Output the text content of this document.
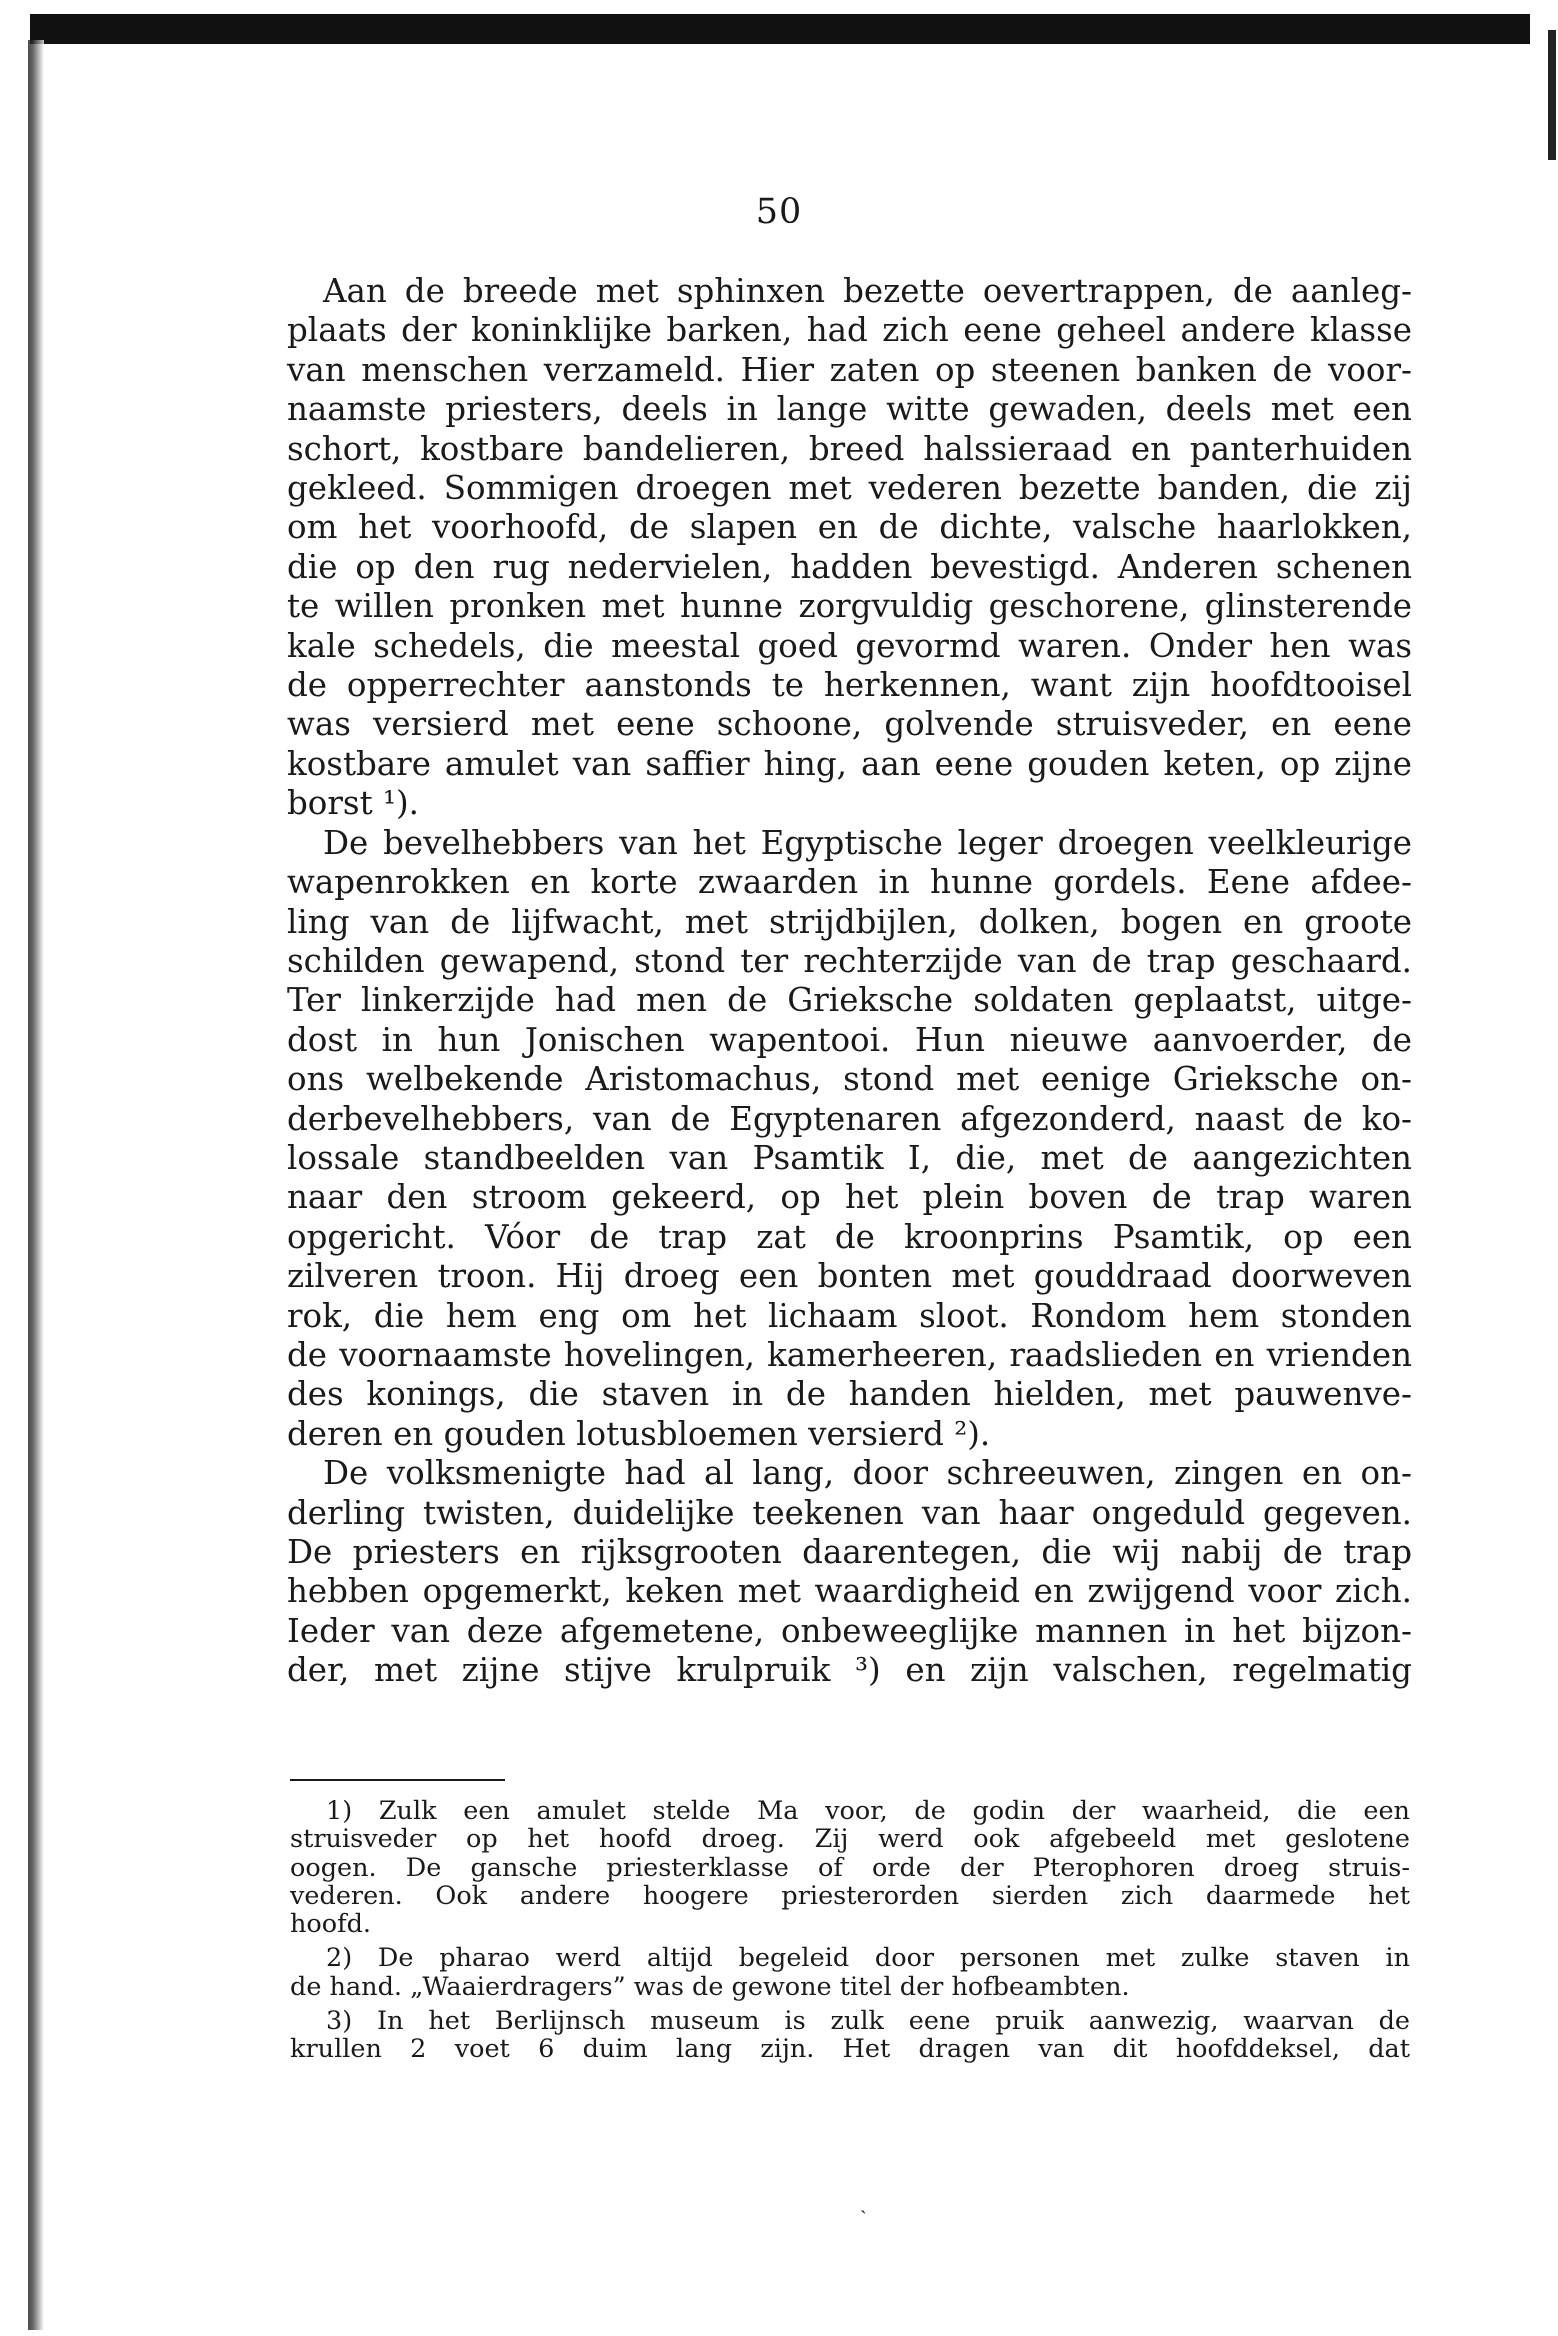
50

Aan de breede met sphinxen bezette oevertrappen, de aanleg-
plaats der koninklijke barken, had zich eene geheel andere klasse
van menschen verzameld. Hier zaten op steenen banken de voor-
naamste priesters, deels in lange witte gewaden, deels met een
schort, kostbare bandelieren, breed halssieraad en panterhuiden
gekleed. Sommigen droegen met vederen bezette banden, die zij
om het voorhoofd, de slapen en de dichte, valsche haarlokken,
die op den rug nedervielen, hadden bevestigd. Anderen schenen
te willen pronken met hunne zorgvuldig geschorene, glinsterende
kale schedels, die meestal goed gevormd waren. Onder hen was
de opperrechter aanstonds te herkennen, want zijn hoofdtooisel
was versierd met eene schoone, golvende struisveder, en eene
kostbare amulet van saffier hing, aan eene gouden keten, op zijne
borst ¹).

De bevelhebbers van het Egyptische leger droegen veelkleurige
wapenrokken en korte zwaarden in hunne gordels. Eene afdee-
ling van de lijfwacht, met strijdbijlen, dolken, bogen en groote
schilden gewapend, stond ter rechterzijde van de trap geschaard.
Ter linkerzijde had men de Grieksche soldaten geplaatst, uitge-
dost in hun Jonischen wapentooi. Hun nieuwe aanvoerder, de
ons welbekende Aristomachus, stond met eenige Grieksche on-
derbevelhebbers, van de Egyptenaren afgezonderd, naast de ko-
lossale standbeelden van Psamtik I, die, met de aangezichten
naar den stroom gekeerd, op het plein boven de trap waren
opgericht. Vóor de trap zat de kroonprins Psamtik, op een
zilveren troon. Hij droeg een bonten met gouddraad doorweven
rok, die hem eng om het lichaam sloot. Rondom hem stonden
de voornaamste hovelingen, kamerheeren, raadslieden en vrienden
des konings, die staven in de handen hielden, met pauwenve-
deren en gouden lotusbloemen versierd ²).

De volksmenigte had al lang, door schreeuwen, zingen en on-
derling twisten, duidelijke teekenen van haar ongeduld gegeven.
De priesters en rijksgrooten daarentegen, die wij nabij de trap
hebben opgemerkt, keken met waardigheid en zwijgend voor zich.
Ieder van deze afgemetene, onbeweeglijke mannen in het bijzon-
der, met zijne stijve krulpruik ³) en zijn valschen, regelmatig

1) Zulk een amulet stelde Ma voor, de godin der waarheid, die een
struisveder op het hoofd droeg. Zij werd ook afgebeeld met geslotene
oogen. De gansche priesterklasse of orde der Pterophoren droeg struis-
vederen. Ook andere hoogere priesterorden sierden zich daarmede het
hoofd.
2) De pharao werd altijd begeleid door personen met zulke staven in
de hand. „Waaierdragers” was de gewone titel der hofbeambten.
3) In het Berlijnsch museum is zulk eene pruik aanwezig, waarvan de
krullen 2 voet 6 duim lang zijn. Het dragen van dit hoofddeksel, dat
ˎ
